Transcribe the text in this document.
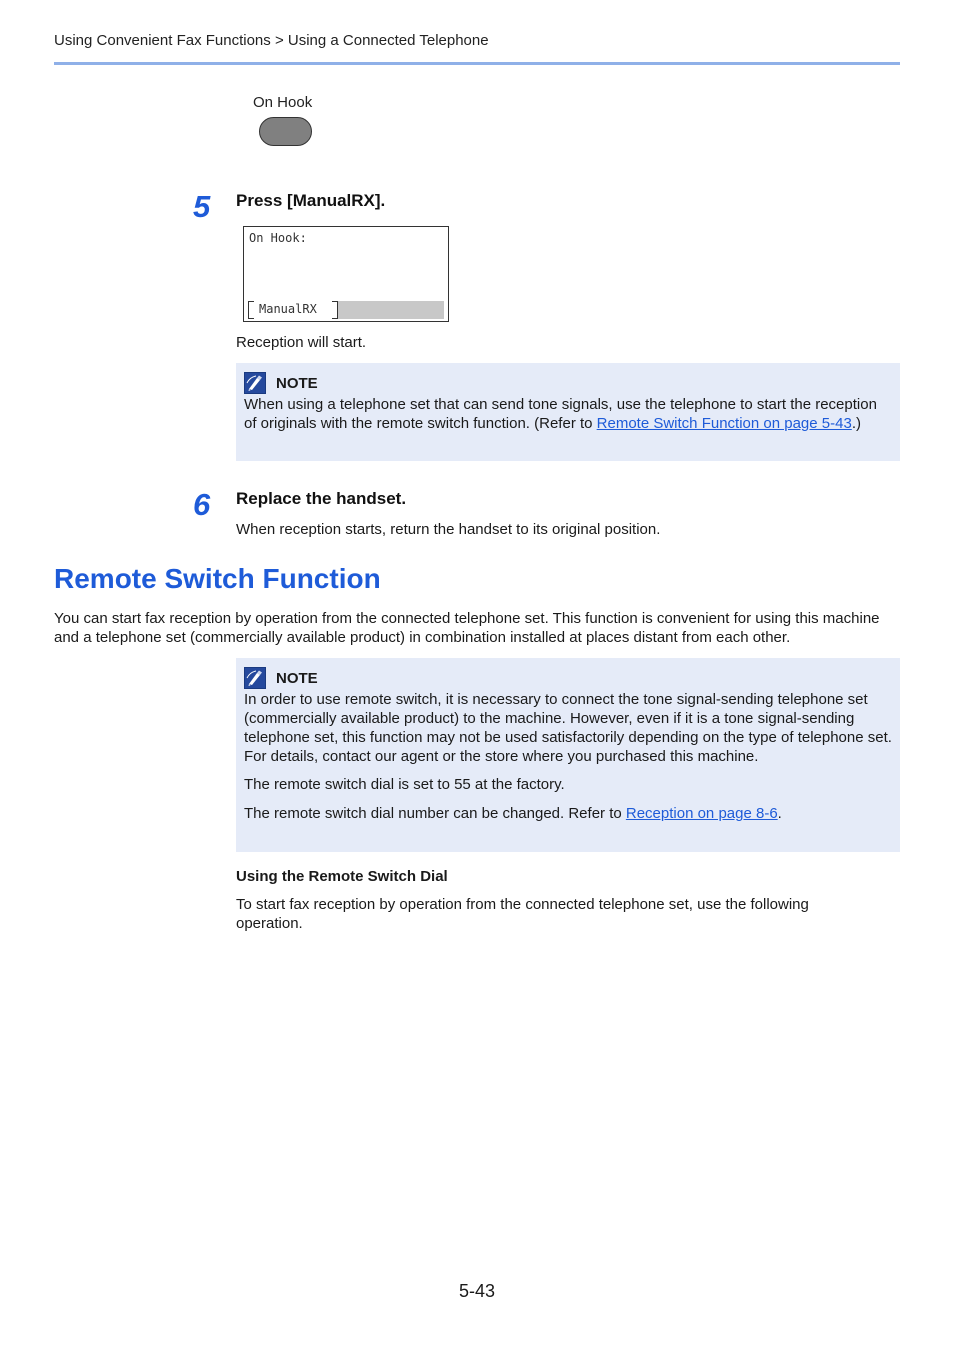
Using Convenient Fax Functions > Using a Connected Telephone
On Hook
5 Press [ManualRX].
On Hook:
ManualRX
Reception will start.
NOTE

When using a telephone set that can send tone signals, use the telephone to start the reception of originals with the remote switch function. (Refer to Remote Switch Function on page 5-43.)

6 Replace the handset.
When reception starts, return the handset to its original position.
Remote Switch Function
You can start fax reception by operation from the connected telephone set. This function is convenient for using this machine and a telephone set (commercially available product) in combination installed at places distant from each other.
NOTE

In order to use remote switch, it is necessary to connect the tone signal-sending telephone set (commercially available product) to the machine. However, even if it is a tone signal-sending telephone set, this function may not be used satisfactorily depending on the type of telephone set. For details, contact our agent or the store where you purchased this machine.

The remote switch dial is set to 55 at the factory.

The remote switch dial number can be changed. Refer to Reception on page 8-6.

Using the Remote Switch Dial
To start fax reception by operation from the connected telephone set, use the following operation.
5-43
